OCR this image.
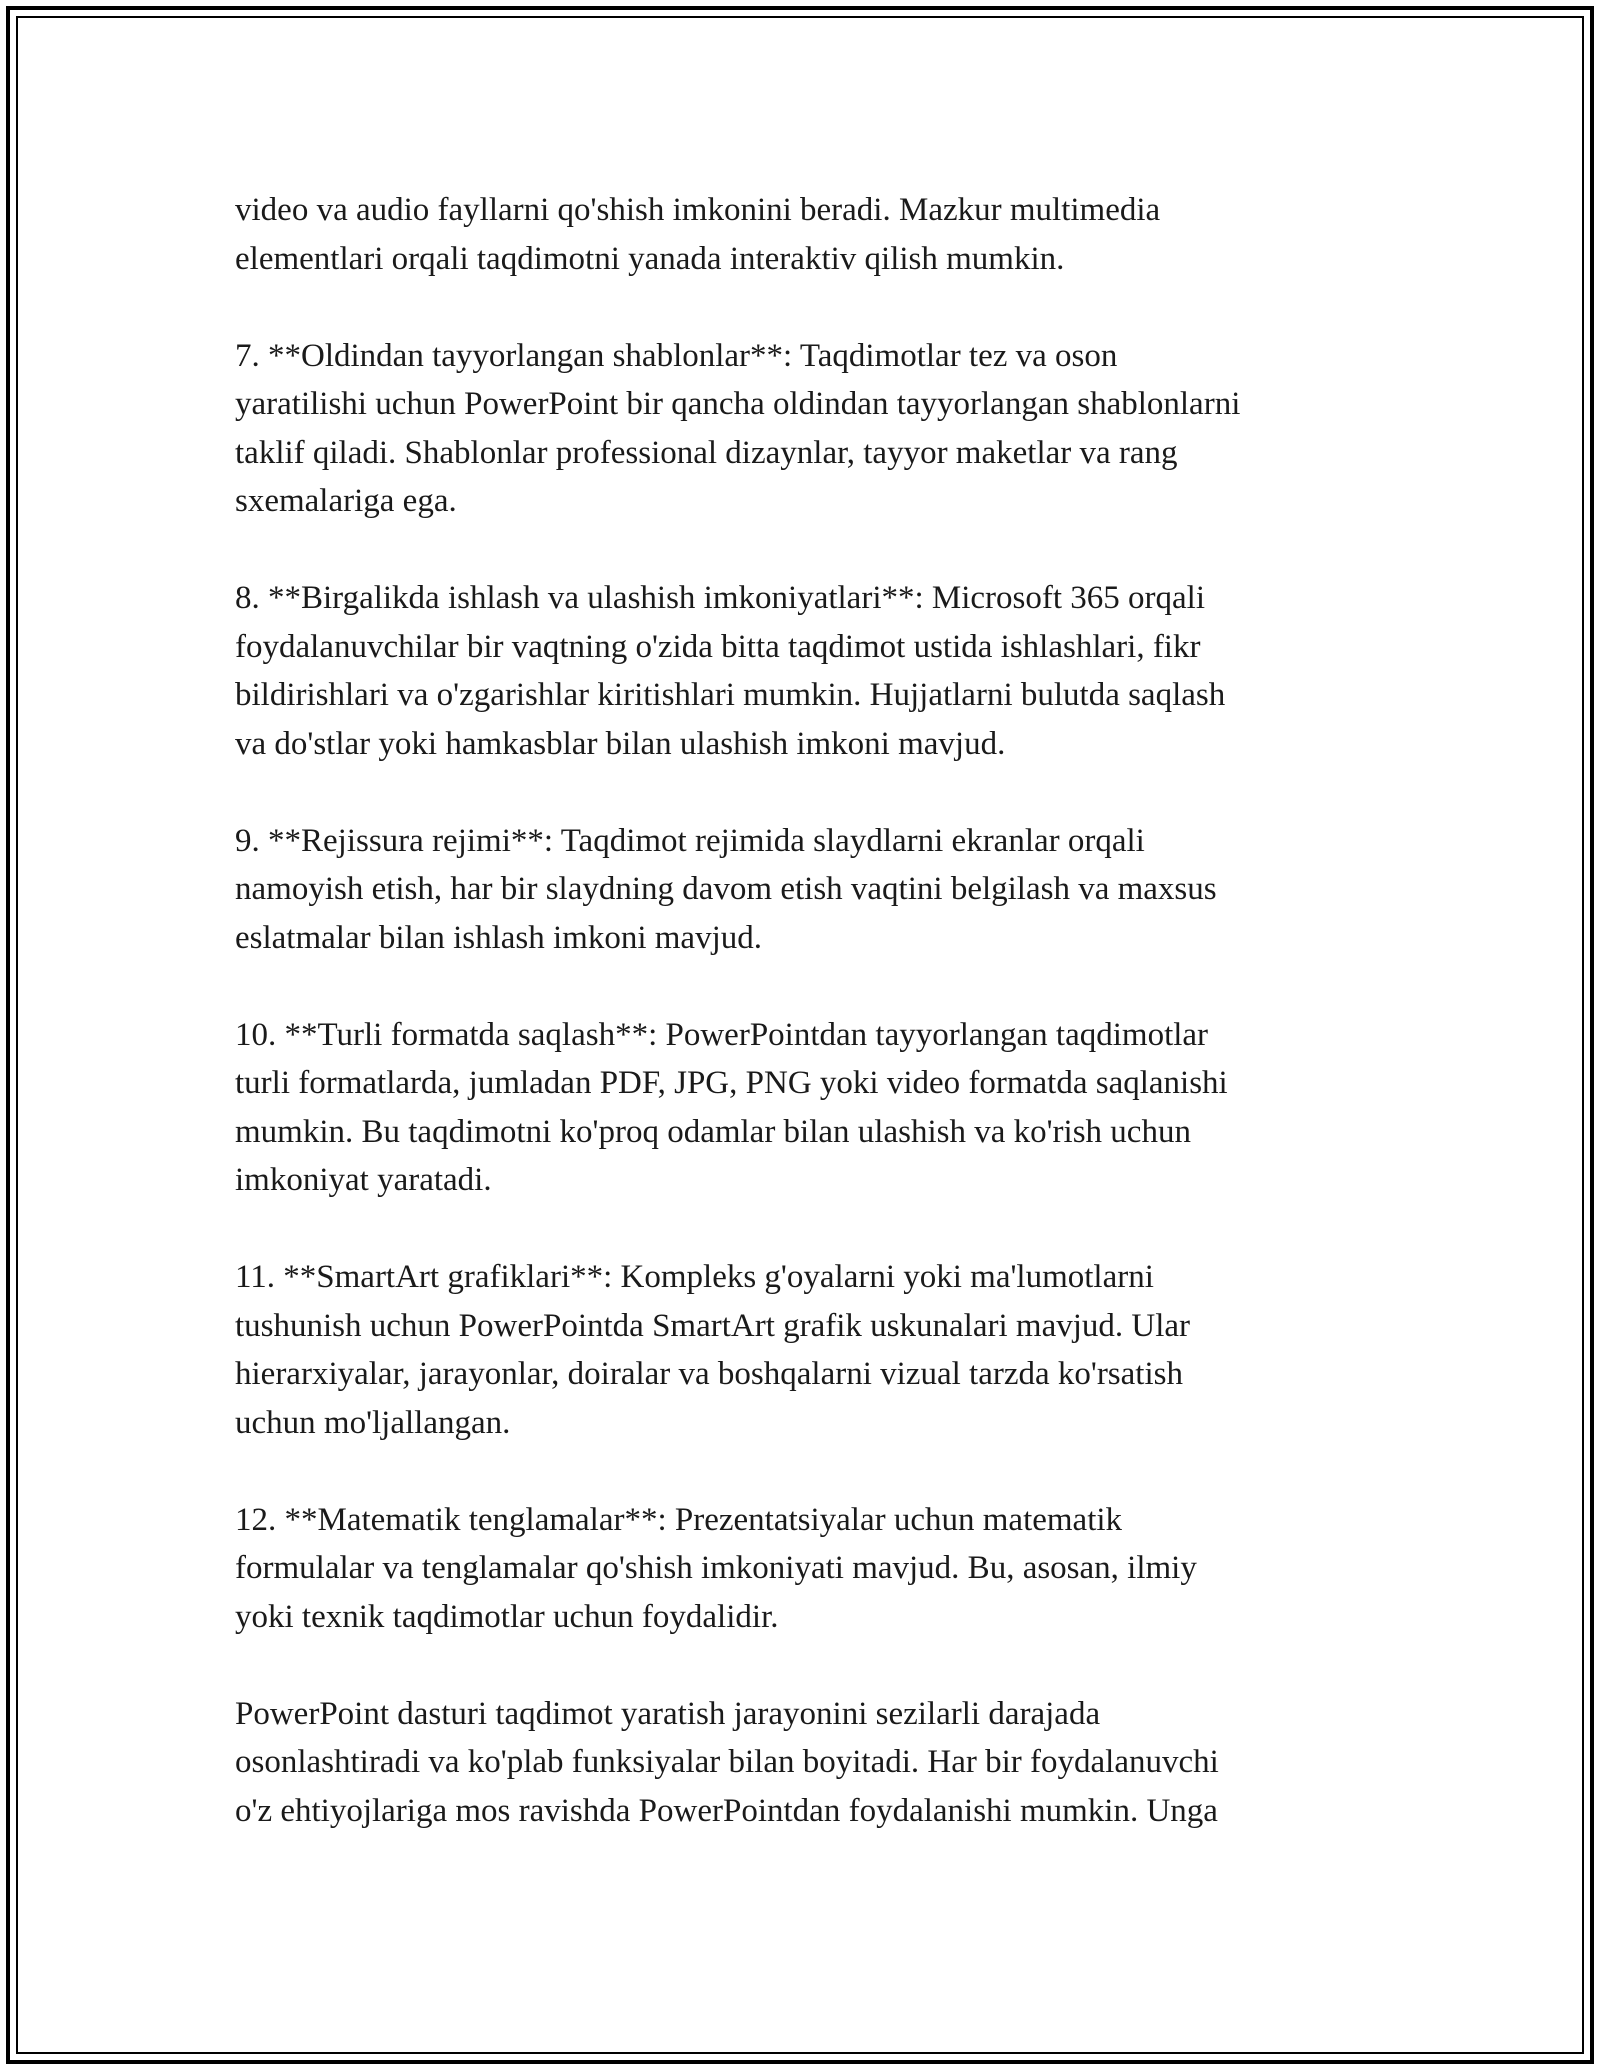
video va audio fayllarni qo'shish imkonini beradi. Mazkur multimedia
elementlari orqali taqdimotni yanada interaktiv qilish mumkin.

7. **Oldindan tayyorlangan shablonlar**: Taqdimotlar tez va oson
yaratilishi uchun PowerPoint bir qancha oldindan tayyorlangan shablonlarni
taklif qiladi. Shablonlar professional dizaynlar, tayyor maketlar va rang
sxemalariga ega.

8. **Birgalikda ishlash va ulashish imkoniyatlari**: Microsoft 365 orqali
foydalanuvchilar bir vaqtning o'zida bitta taqdimot ustida ishlashlari, fikr
bildirishlari va o'zgarishlar kiritishlari mumkin. Hujjatlarni bulutda saqlash
va do'stlar yoki hamkasblar bilan ulashish imkoni mavjud.

9. **Rejissura rejimi**: Taqdimot rejimida slaydlarni ekranlar orqali
namoyish etish, har bir slaydning davom etish vaqtini belgilash va maxsus
eslatmalar bilan ishlash imkoni mavjud.

10. **Turli formatda saqlash**: PowerPointdan tayyorlangan taqdimotlar
turli formatlarda, jumladan PDF, JPG, PNG yoki video formatda saqlanishi
mumkin. Bu taqdimotni ko'proq odamlar bilan ulashish va ko'rish uchun
imkoniyat yaratadi.

11. **SmartArt grafiklari**: Kompleks g'oyalarni yoki ma'lumotlarni
tushunish uchun PowerPointda SmartArt grafik uskunalari mavjud. Ular
hierarxiyalar, jarayonlar, doiralar va boshqalarni vizual tarzda ko'rsatish
uchun mo'ljallangan.

12. **Matematik tenglamalar**: Prezentatsiyalar uchun matematik
formulalar va tenglamalar qo'shish imkoniyati mavjud. Bu, asosan, ilmiy
yoki texnik taqdimotlar uchun foydalidir.

PowerPoint dasturi taqdimot yaratish jarayonini sezilarli darajada
osonlashtiradi va ko'plab funksiyalar bilan boyitadi. Har bir foydalanuvchi
o'z ehtiyojlariga mos ravishda PowerPointdan foydalanishi mumkin. Unga
